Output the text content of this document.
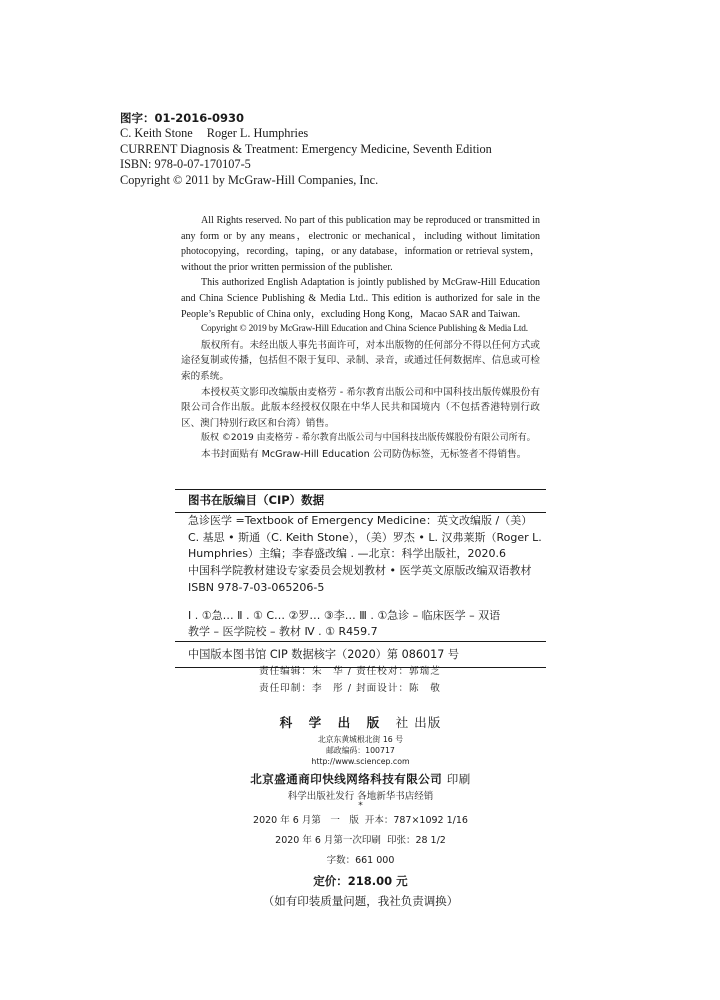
图字：01-2016-0930
C. Keith Stone Roger L. Humphries
CURRENT Diagnosis & Treatment: Emergency Medicine, Seventh Edition
ISBN: 978-0-07-170107-5
Copyright © 2011 by McGraw-Hill Companies, Inc.

All Rights reserved. No part of this publication may be reproduced or transmitted in any form or by any means，electronic or mechanical，including without limitation photocopying，recording，taping，or any database，information or retrieval system，without the prior written permission of the publisher.

This authorized English Adaptation is jointly published by McGraw-Hill Education and China Science Publishing & Media Ltd.. This edition is authorized for sale in the People’s Republic of China only，excluding Hong Kong，Macao SAR and Taiwan.

Copyright © 2019 by McGraw-Hill Education and China Science Publishing & Media Ltd.

版权所有。未经出版人事先书面许可，对本出版物的任何部分不得以任何方式或途径复制或传播，包括但不限于复印、录制、录音，或通过任何数据库、信息或可检索的系统。

本授权英文影印改编版由麦格劳 - 希尔教育出版公司和中国科技出版传媒股份有限公司合作出版。此版本经授权仅限在中华人民共和国境内（不包括香港特别行政区、澳门特别行政区和台湾）销售。

版权 ©2019 由麦格劳 - 希尔教育出版公司与中国科技出版传媒股份有限公司所有。

本书封面贴有 McGraw-Hill Education 公司防伪标签，无标签者不得销售。

图书在版编目（CIP）数据
急诊医学 =Textbook of Emergency Medicine：英文改编版 /（美）
C. 基思 • 斯通（C. Keith Stone），（美）罗杰 • L. 汉弗莱斯（Roger L.
Humphries）主编；李春盛改编 . —北京：科学出版社，2020.6
中国科学院教材建设专家委员会规划教材 • 医学英文原版改编双语教材
ISBN 978-7-03-065206-5
Ⅰ . ①急… Ⅱ . ① C… ②罗… ③李… Ⅲ . ①急诊 – 临床医学 – 双语
教学 – 医学院校 – 教材 Ⅳ . ① R459.7
中国版本图书馆 CIP 数据核字（2020）第 086017 号
责任编辑：朱　华 / 责任校对：郭瑞芝
责任印制：李　彤 / 封面设计：陈　敬
科 学 出 版 社 出版
北京东黄城根北街 16 号
邮政编码：100717
http://www.sciencep.com
北京盛通商印快线网络科技有限公司 印刷
科学出版社发行 各地新华书店经销
*
2020 年 6 月第　一　版 开本：787×1092 1/16
2020 年 6 月第一次印刷 印张：28 1/2
字数：661 000
定价：218.00 元
（如有印装质量问题，我社负责调换）
